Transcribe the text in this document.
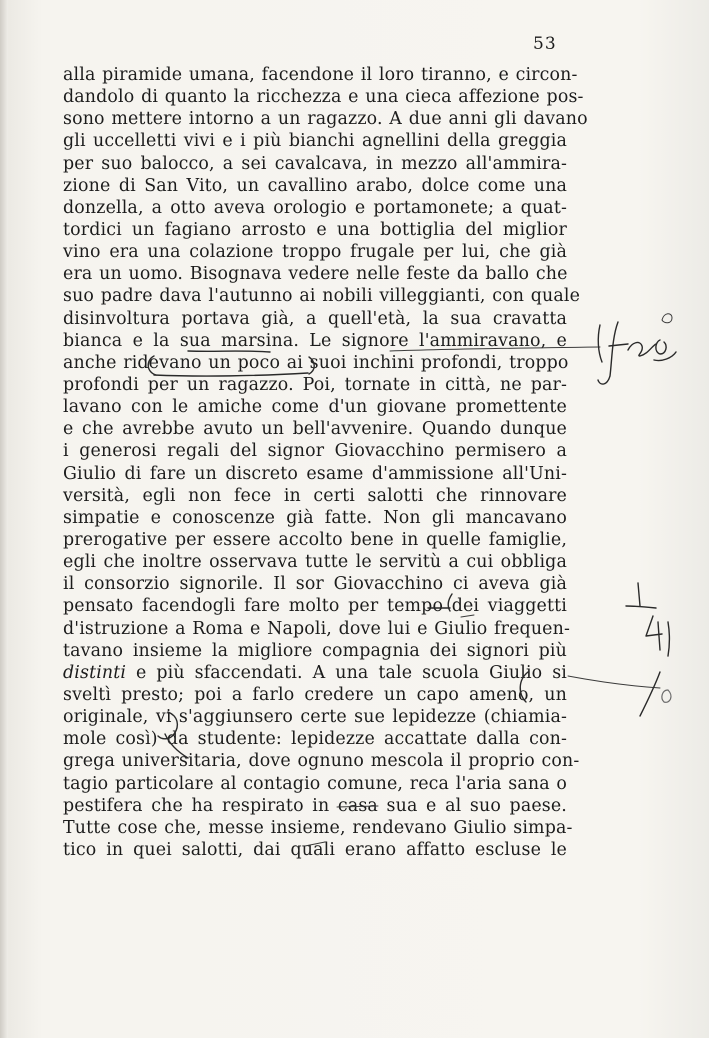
53
alla piramide umana, facendone il loro tiranno, e circon-
dandolo di quanto la ricchezza e una cieca affezione pos-
sono mettere intorno a un ragazzo. A due anni gli davano
gli uccelletti vivi e i più bianchi agnellini della greggia
per suo balocco, a sei cavalcava, in mezzo all'ammira-
zione di San Vito, un cavallino arabo, dolce come una
donzella, a otto aveva orologio e portamonete; a quat-
tordici un fagiano arrosto e una bottiglia del miglior
vino era una colazione troppo frugale per lui, che già
era un uomo. Bisognava vedere nelle feste da ballo che
suo padre dava l'autunno ai nobili villeggianti, con quale
disinvoltura portava già, a quell'età, la sua cravatta
bianca e la sua marsina. Le signore l'ammiravano, e
anche ridevano un poco ai suoi inchini profondi, troppo
profondi per un ragazzo. Poi, tornate in città, ne par-
lavano con le amiche come d'un giovane promettente
e che avrebbe avuto un bell'avvenire. Quando dunque
i generosi regali del signor Giovacchino permisero a
Giulio di fare un discreto esame d'ammissione all'Uni-
versità, egli non fece in certi salotti che rinnovare
simpatie e conoscenze già fatte. Non gli mancavano
prerogative per essere accolto bene in quelle famiglie,
egli che inoltre osservava tutte le servitù a cui obbliga
il consorzio signorile. Il sor Giovacchino ci aveva già
pensato facendogli fare molto per tempo dei viaggetti
d'istruzione a Roma e Napoli, dove lui e Giulio frequen-
tavano insieme la migliore compagnia dei signori più
distinti e più sfaccendati. A una tale scuola Giulio si
sveltì presto; poi a farlo credere un capo ameno, un
originale, vi s'aggiunsero certe sue lepidezze (chiamia-
mole così) da studente: lepidezze accattate dalla con-
grega universitaria, dove ognuno mescola il proprio con-
tagio particolare al contagio comune, reca l'aria sana o
pestifera che ha respirato in casa sua e al suo paese.
Tutte cose che, messe insieme, rendevano Giulio simpa-
tico in quei salotti, dai quali erano affatto escluse le
